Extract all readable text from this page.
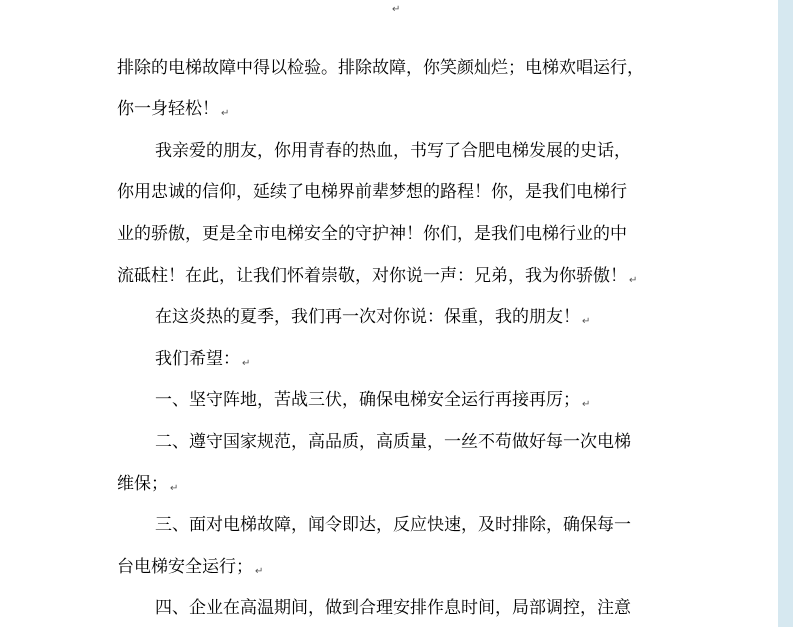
↵
排除的电梯故障中得以检验。排除故障，你笑颜灿烂；电梯欢唱运行，
你一身轻松！ ↵
我亲爱的朋友，你用青春的热血，书写了合肥电梯发展的史话，
你用忠诚的信仰，延续了电梯界前辈梦想的路程！你，是我们电梯行
业的骄傲，更是全市电梯安全的守护神！你们，是我们电梯行业的中
流砥柱！在此，让我们怀着崇敬，对你说一声：兄弟，我为你骄傲！ ↵
在这炎热的夏季，我们再一次对你说：保重，我的朋友！ ↵
我们希望： ↵
一、坚守阵地，苦战三伏，确保电梯安全运行再接再厉； ↵
二、遵守国家规范，高品质，高质量，一丝不苟做好每一次电梯
维保； ↵
三、面对电梯故障，闻令即达，反应快速，及时排除，确保每一
台电梯安全运行； ↵
四、企业在高温期间，做到合理安排作息时间，局部调控，注意
